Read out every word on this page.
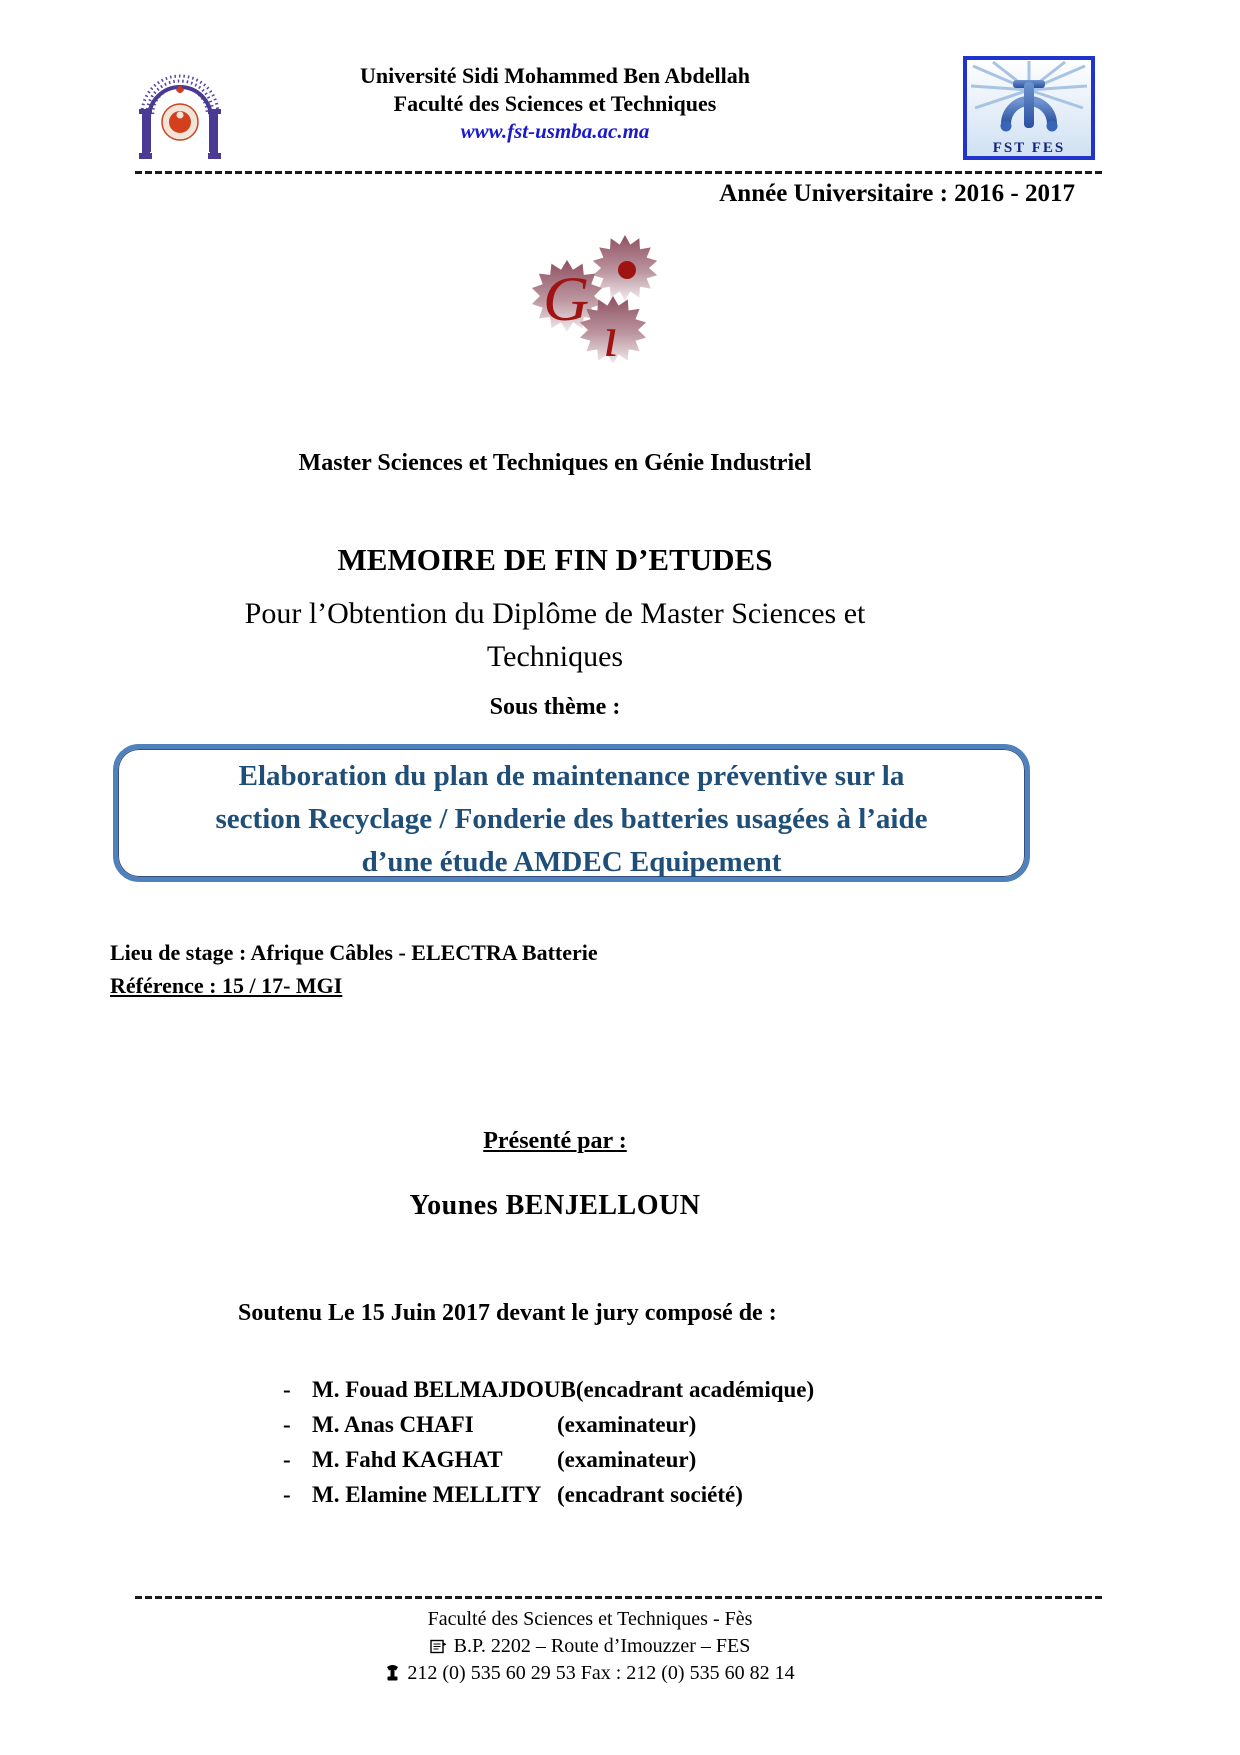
Université Sidi Mohammed Ben Abdellah
Faculté des Sciences et Techniques
www.fst-usmba.ac.ma
FST FES
Année Universitaire : 2016 - 2017
G
ı
Master Sciences et Techniques en Génie Industriel
MEMOIRE DE FIN D’ETUDES
Pour l’Obtention du Diplôme de Master Sciences et
Techniques
Sous thème :
Elaboration du plan de maintenance préventive sur la
section Recyclage / Fonderie des batteries usagées à l’aide
d’une étude AMDEC Equipement
Lieu de stage : Afrique Câbles - ELECTRA Batterie
Référence : 15 / 17- MGI
Présenté par :
Younes BENJELLOUN
Soutenu Le 15 Juin 2017 devant le jury composé de :
- M. Fouad BELMAJDOUB (encadrant académique)
- M. Anas CHAFI	(examinateur)
- M. Fahd KAGHAT	(examinateur)
- M. Elamine MELLITY (encadrant société)
Faculté des Sciences et Techniques - Fès
B.P. 2202 – Route d’Imouzzer – FES
212 (0) 535 60 29 53 Fax : 212 (0) 535 60 82 14
